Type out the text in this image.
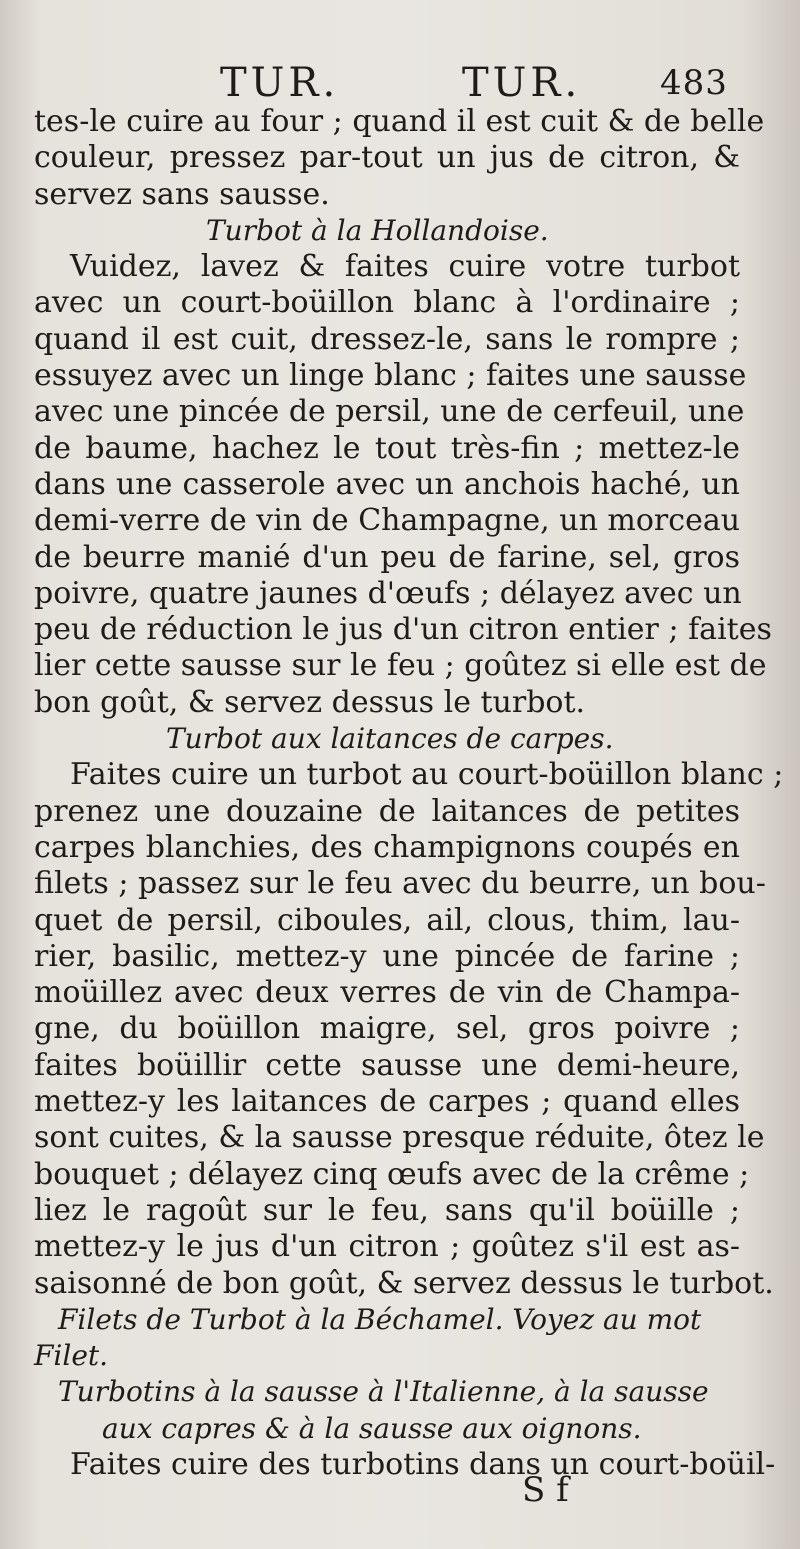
TUR.	TUR. 483
tes-le cuire au four ; quand il est cuit & de belle
couleur, pressez par-tout un jus de citron, &
servez sans sausse.
Turbot à la Hollandoise.
Vuidez, lavez & faites cuire votre turbot
avec un court-boüillon blanc à l'ordinaire ;
quand il est cuit, dressez-le, sans le rompre ;
essuyez avec un linge blanc ; faites une sausse
avec une pincée de persil, une de cerfeuil, une
de baume, hachez le tout très-fin ; mettez-le
dans une casserole avec un anchois haché, un
demi-verre de vin de Champagne, un morceau
de beurre manié d'un peu de farine, sel, gros
poivre, quatre jaunes d'œufs ; délayez avec un
peu de réduction le jus d'un citron entier ; faites
lier cette sausse sur le feu ; goûtez si elle est de
bon goût, & servez dessus le turbot.
Turbot aux laitances de carpes.
Faites cuire un turbot au court-boüillon blanc ;
prenez une douzaine de laitances de petites
carpes blanchies, des champignons coupés en
filets ; passez sur le feu avec du beurre, un bou-
quet de persil, ciboules, ail, clous, thim, lau-
rier, basilic, mettez-y une pincée de farine ;
moüillez avec deux verres de vin de Champa-
gne, du boüillon maigre, sel, gros poivre ;
faites boüillir cette sausse une demi-heure,
mettez-y les laitances de carpes ; quand elles
sont cuites, & la sausse presque réduite, ôtez le
bouquet ; délayez cinq œufs avec de la crême ;
liez le ragoût sur le feu, sans qu'il boüille ;
mettez-y le jus d'un citron ; goûtez s'il est as-
saisonné de bon goût, & servez dessus le turbot.
Filets de Turbot à la Béchamel. Voyez au mot
Filet.
Turbotins à la sausse à l'Italienne, à la sausse
aux capres & à la sausse aux oignons.
Faites cuire des turbotins dans un court-boüil-
S f
